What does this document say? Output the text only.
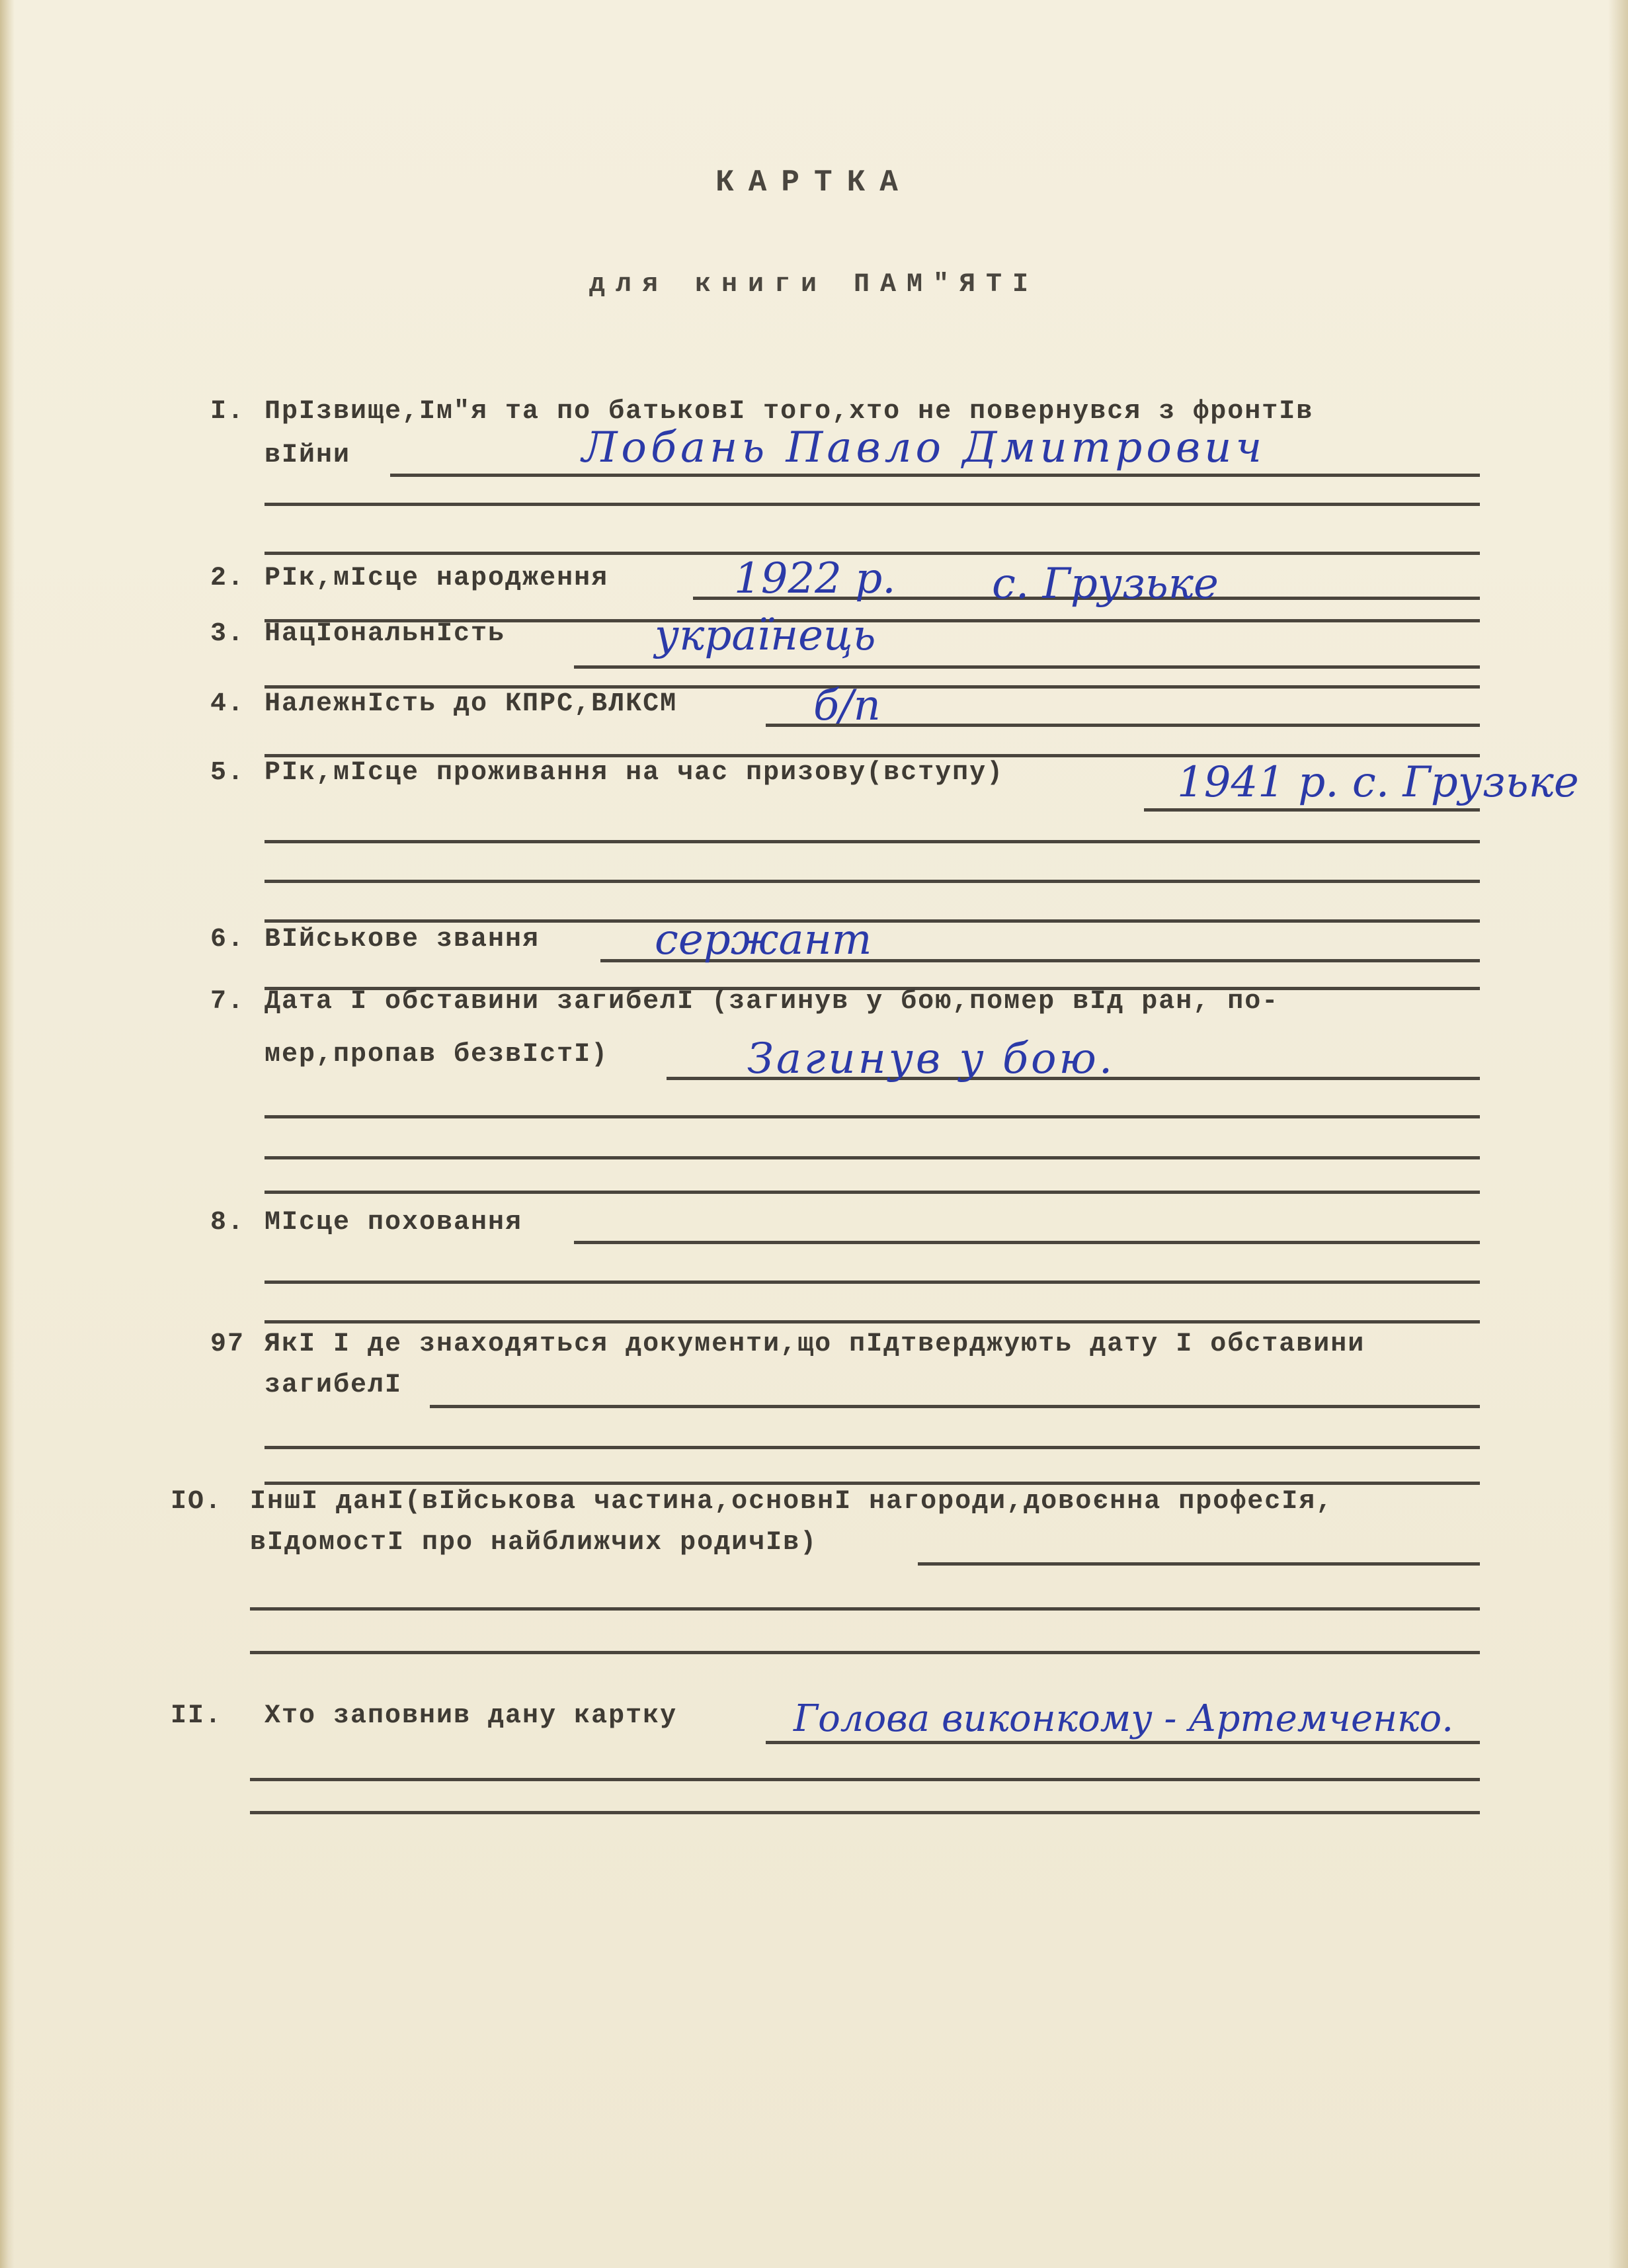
КАРТКА
для книги ПАМ"ЯТІ
I. ПрІзвище,Ім"я та по батьковІ того,хто не повернувся з фронтІв
вІйни	Лобань Павло Дмитрович
2. РІк,мІсце народження	1922 р. с. Грузьке
3. НацІональнІсть	українець
4. НалежнІсть до КПРС,ВЛКСМ	б/п
5. РІк,мІсце проживання на час призову(вступу)	1941 р. с. Грузьке
6. ВІйськове звання	сержант
7. Дата І обставини загибелІ (загинув у бою,помер вІд ран, по-
мер,пропав безвІстІ)	Загинув у бою.
8. МІсце поховання
97 ЯкІ І де знаходяться документи,що пІдтверджують дату І обставини
загибелІ
IO. ІншІ данІ(вІйськова частина,основнІ нагороди,довоєнна професІя,
вІдомостІ про найближчих родичІв)
II. Хто заповнив дану картку	Голова виконкому - Артемченко.
